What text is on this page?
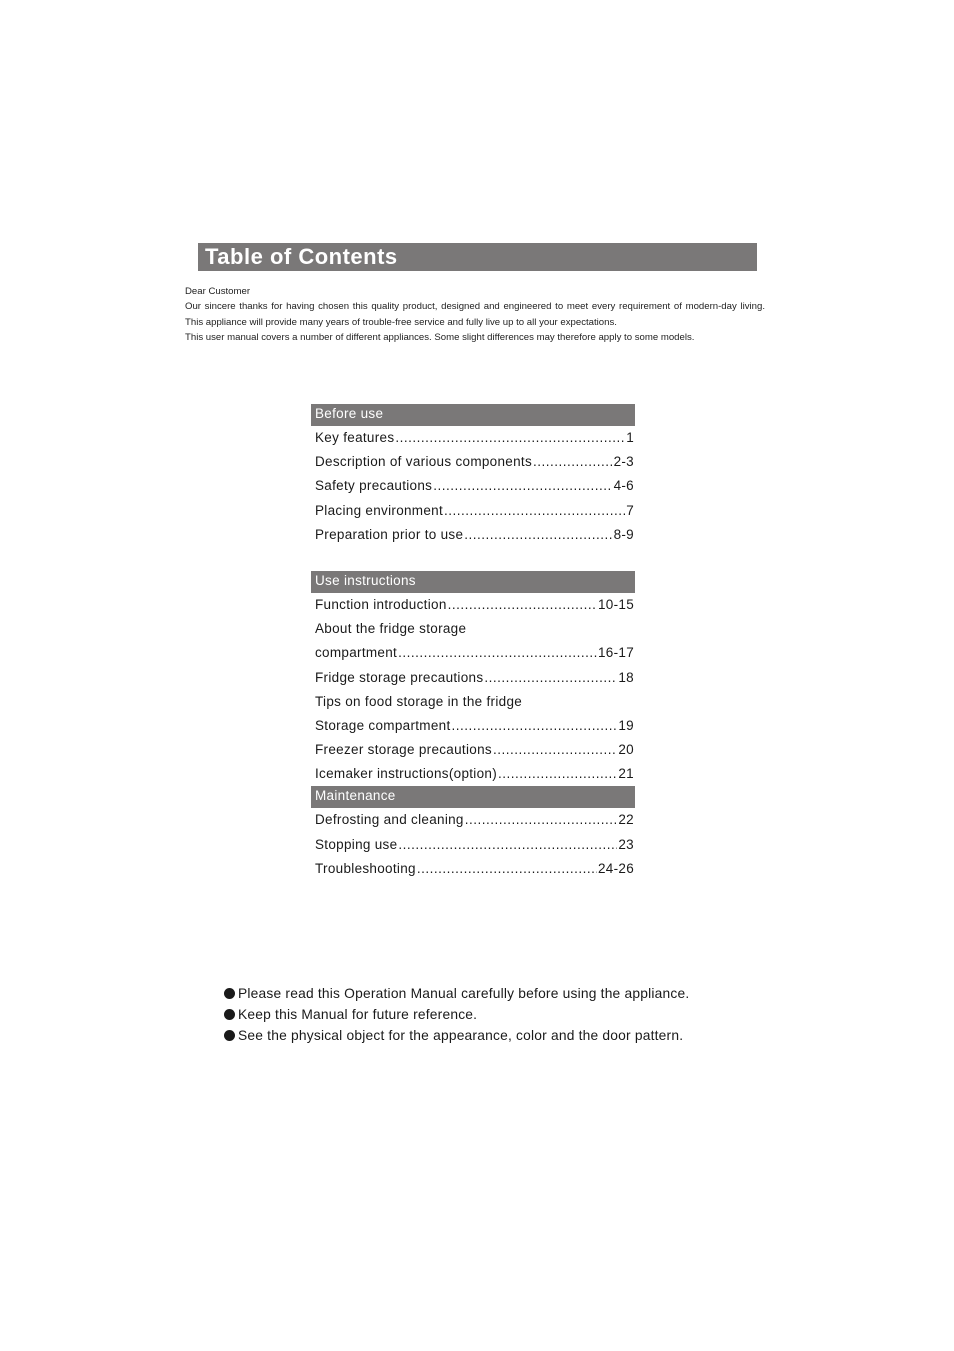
Table of Contents

Dear Customer

Our sincere thanks for having chosen this quality product, designed and engineered to meet every requirement of modern-day living. This appliance will provide many years of trouble-free service and fully live up to all your expectations.

This user manual covers a number of different appliances. Some slight differences may therefore apply to some models.

Before use
Key features .....	1
Description of various components .....	2-3
Safety precautions .....	4-6
Placing environment .....	7
Preparation prior to use .....	8-9
Use instructions
Function introduction .....	10-15
About the fridge storage
compartment .....	16-17
Fridge storage precautions .....	18
Tips on food storage in the fridge
Storage compartment .....	19
Freezer storage precautions .....	20
Icemaker instructions(option) .....	21
Maintenance
Defrosting and cleaning .....	22
Stopping use .....	23
Troubleshooting .....	24-26
Please read this Operation Manual carefully before using the appliance.
Keep this Manual for future reference.
See the physical object for the appearance, color and the door pattern.
